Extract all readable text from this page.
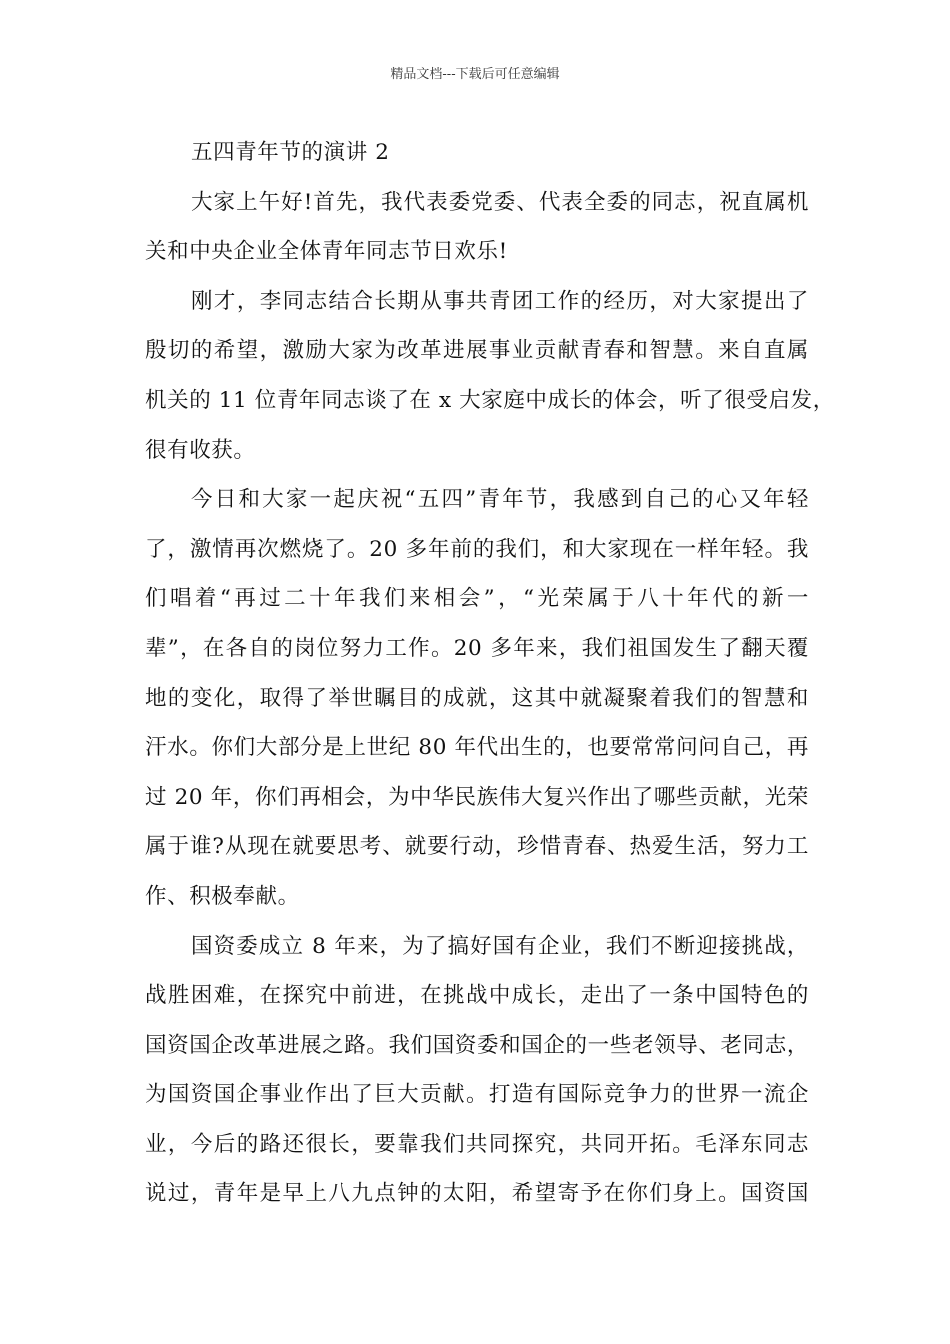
精品文档---下载后可任意编辑
五四青年节的演讲 2
大家上午好!首先，我代表委党委、代表全委的同志，祝直属机
关和中央企业全体青年同志节日欢乐!
刚才，李同志结合长期从事共青团工作的经历，对大家提出了
殷切的希望，激励大家为改革进展事业贡献青春和智慧。来自直属
机关的 11 位青年同志谈了在 x 大家庭中成长的体会，听了很受启发，
很有收获。
今日和大家一起庆祝“五四”青年节，我感到自己的心又年轻
了，激情再次燃烧了。20 多年前的我们，和大家现在一样年轻。我
们唱着“再过二十年我们来相会”，“光荣属于八十年代的新一
辈”，在各自的岗位努力工作。20 多年来，我们祖国发生了翻天覆
地的变化，取得了举世瞩目的成就，这其中就凝聚着我们的智慧和
汗水。你们大部分是上世纪 80 年代出生的，也要常常问问自己，再
过 20 年，你们再相会，为中华民族伟大复兴作出了哪些贡献，光荣
属于谁?从现在就要思考、就要行动，珍惜青春、热爱生活，努力工
作、积极奉献。
国资委成立 8 年来，为了搞好国有企业，我们不断迎接挑战，
战胜困难，在探究中前进，在挑战中成长，走出了一条中国特色的
国资国企改革进展之路。我们国资委和国企的一些老领导、老同志，
为国资国企事业作出了巨大贡献。打造有国际竞争力的世界一流企
业，今后的路还很长，要靠我们共同探究，共同开拓。毛泽东同志
说过，青年是早上八九点钟的太阳，希望寄予在你们身上。国资国
